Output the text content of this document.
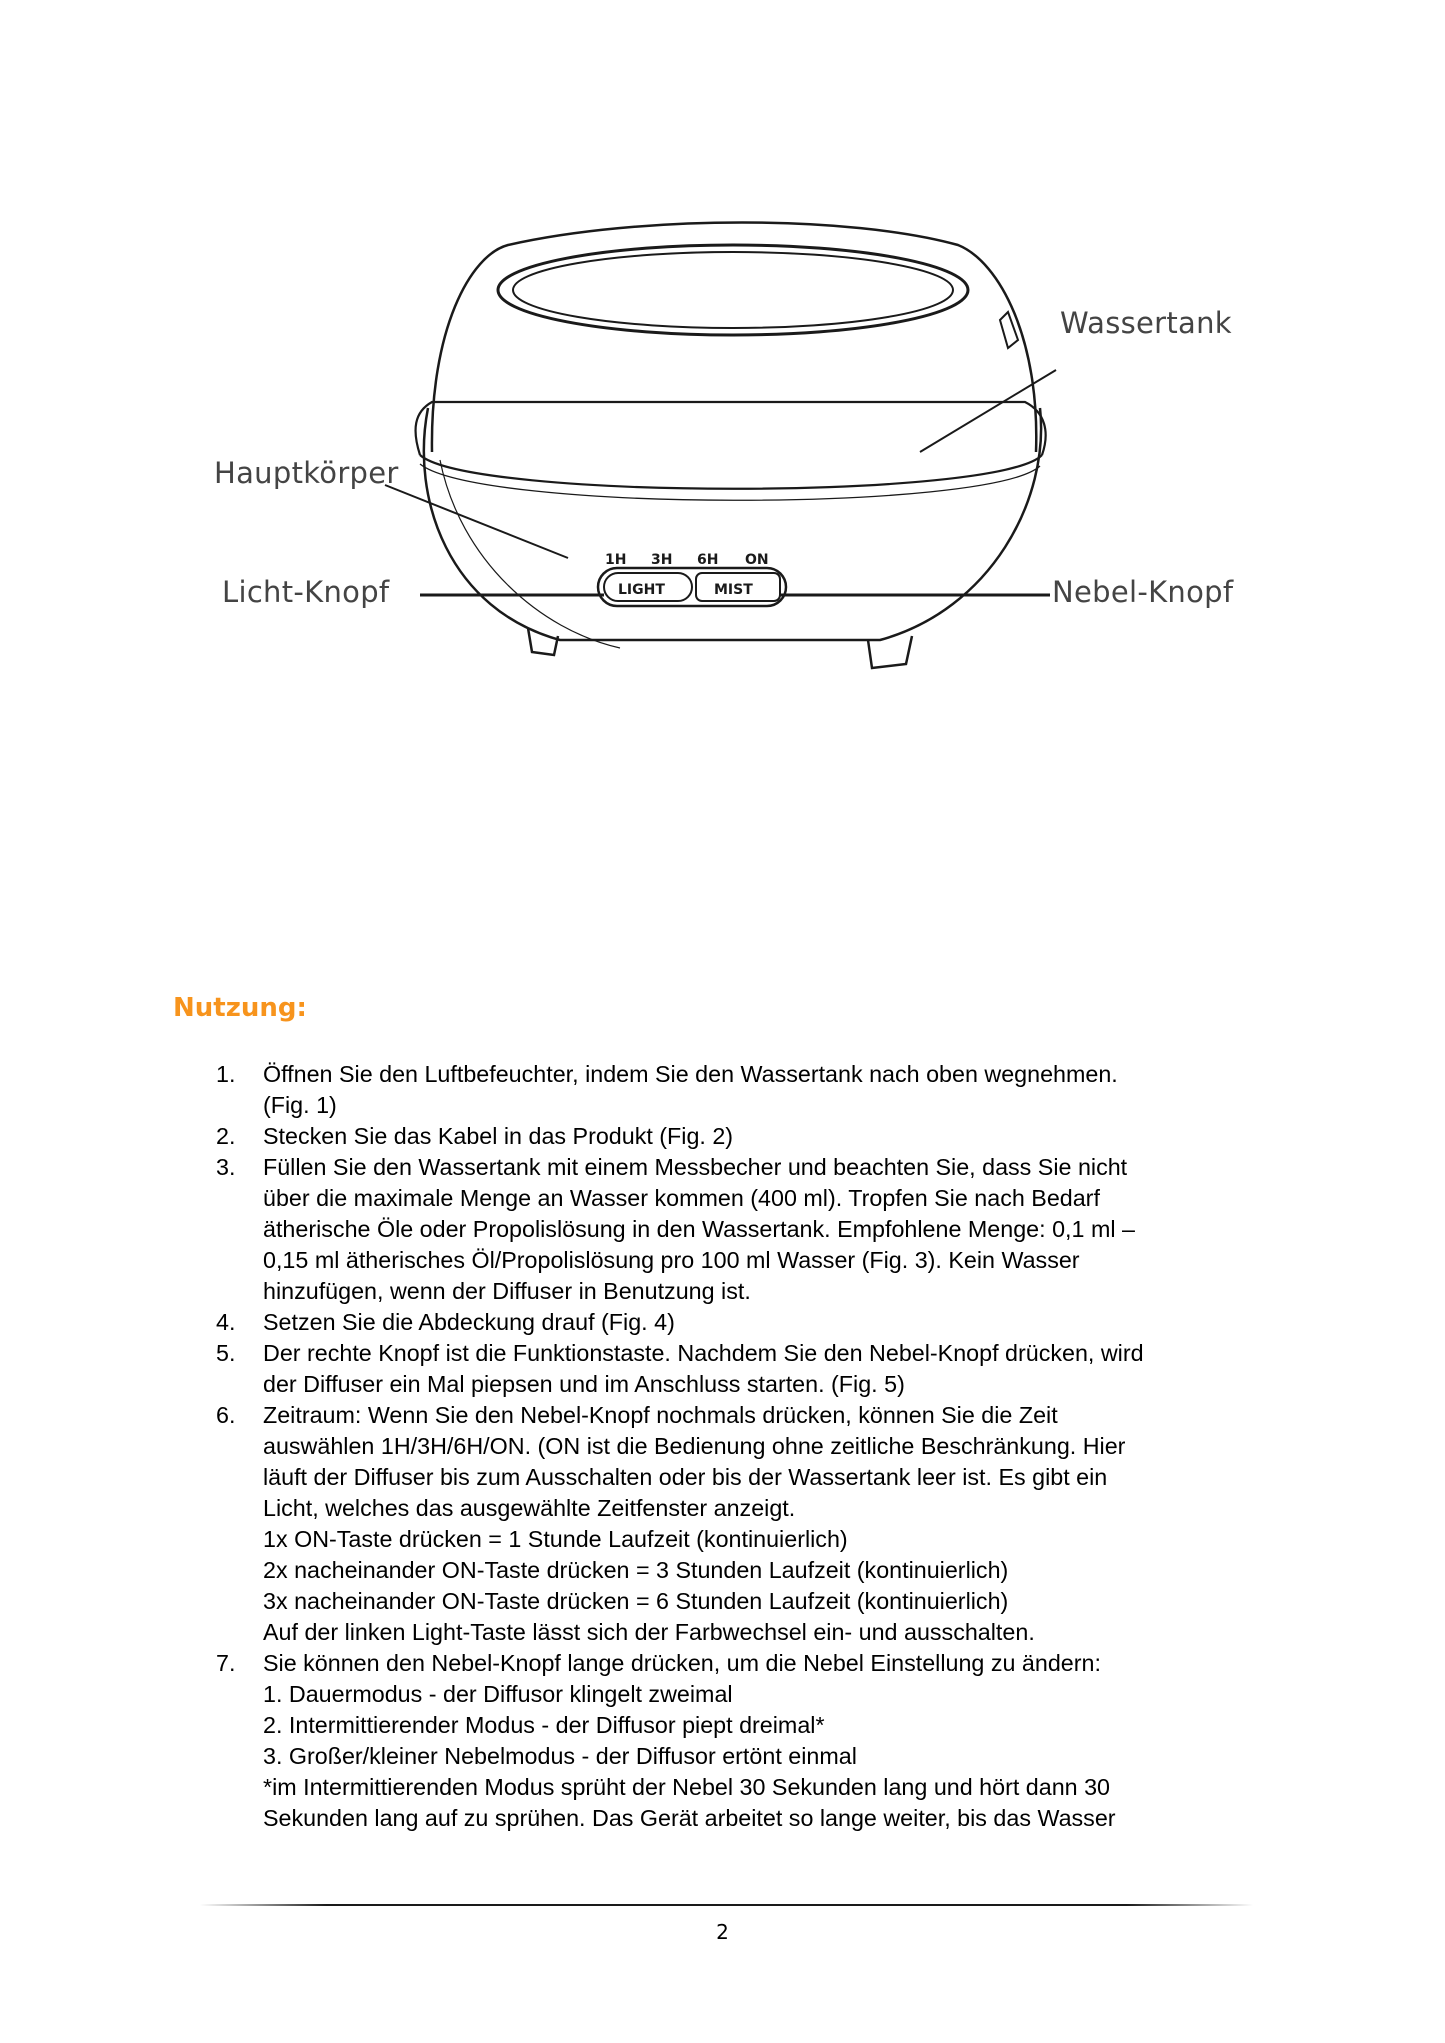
1H 3H 6H ON
LIGHT	MIST
Wassertank
Hauptkörper
Licht-Knopf	Nebel-Knopf
Nutzung:
1. Öffnen Sie den Luftbefeuchter, indem Sie den Wassertank nach oben wegnehmen.
(Fig. 1)
2. Stecken Sie das Kabel in das Produkt (Fig. 2)
3. Füllen Sie den Wassertank mit einem Messbecher und beachten Sie, dass Sie nicht
über die maximale Menge an Wasser kommen (400 ml). Tropfen Sie nach Bedarf
ätherische Öle oder Propolislösung in den Wassertank. Empfohlene Menge: 0,1 ml –
0,15 ml ätherisches Öl/Propolislösung pro 100 ml Wasser (Fig. 3). Kein Wasser
hinzufügen, wenn der Diffuser in Benutzung ist.
4. Setzen Sie die Abdeckung drauf (Fig. 4)
5. Der rechte Knopf ist die Funktionstaste. Nachdem Sie den Nebel-Knopf drücken, wird
der Diffuser ein Mal piepsen und im Anschluss starten. (Fig. 5)
6. Zeitraum: Wenn Sie den Nebel-Knopf nochmals drücken, können Sie die Zeit
auswählen 1H/3H/6H/ON. (ON ist die Bedienung ohne zeitliche Beschränkung. Hier
läuft der Diffuser bis zum Ausschalten oder bis der Wassertank leer ist. Es gibt ein
Licht, welches das ausgewählte Zeitfenster anzeigt.
1x ON-Taste drücken = 1 Stunde Laufzeit (kontinuierlich)
2x nacheinander ON-Taste drücken = 3 Stunden Laufzeit (kontinuierlich)
3x nacheinander ON-Taste drücken = 6 Stunden Laufzeit (kontinuierlich)
Auf der linken Light-Taste lässt sich der Farbwechsel ein- und ausschalten.
7. Sie können den Nebel-Knopf lange drücken, um die Nebel Einstellung zu ändern:
1. Dauermodus - der Diffusor klingelt zweimal
2. Intermittierender Modus - der Diffusor piept dreimal*
3. Großer/kleiner Nebelmodus - der Diffusor ertönt einmal
*im Intermittierenden Modus sprüht der Nebel 30 Sekunden lang und hört dann 30
Sekunden lang auf zu sprühen. Das Gerät arbeitet so lange weiter, bis das Wasser
2
